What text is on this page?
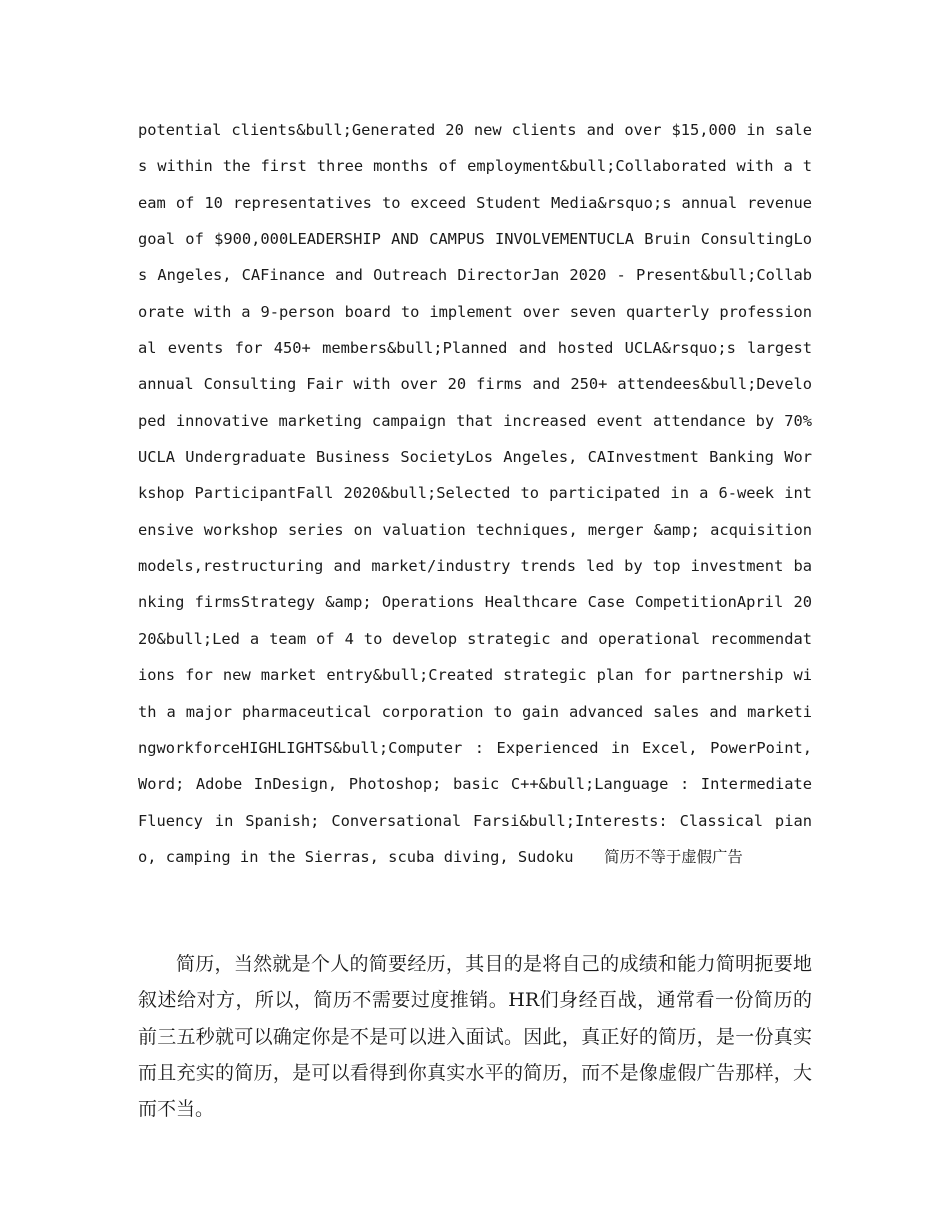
potential clients&bull;Generated 20 new clients and over $15,000 in sales within the first three months of employment&bull;Collaborated with a team of 10 representatives to exceed Student Media&rsquo;s annual revenue goal of $900,000LEADERSHIP AND CAMPUS INVOLVEMENTUCLA Bruin ConsultingLos Angeles, CAFinance and Outreach DirectorJan 2020 - Present&bull;Collaborate with a 9-person board to implement over seven quarterly professional events for 450+ members&bull;Planned and hosted UCLA&rsquo;s largest annual Consulting Fair with over 20 firms and 250+ attendees&bull;Developed innovative marketing campaign that increased event attendance by 70%UCLA Undergraduate Business SocietyLos Angeles, CAInvestment Banking Workshop ParticipantFall 2020&bull;Selected to participated in a 6-week intensive workshop series on valuation techniques, merger &amp; acquisition models,restructuring and market/industry trends led by top investment banking firmsStrategy &amp; Operations Healthcare Case CompetitionApril 2020&bull;Led a team of 4 to develop strategic and operational recommendations for new market entry&bull;Created strategic plan for partnership with a major pharmaceutical corporation to gain advanced sales and marketingworkforceHIGHLIGHTS&bull;Computer : Experienced in Excel, PowerPoint, Word; Adobe InDesign, Photoshop; basic C++&bull;Language : Intermediate Fluency in Spanish; Conversational Farsi&bull;Interests: Classical piano, camping in the Sierras, scuba diving, Sudoku　　简历不等于虚假广告
简历，当然就是个人的简要经历，其目的是将自己的成绩和能力简明扼要地叙述给对方，所以，简历不需要过度推销。HR们身经百战，通常看一份简历的前三五秒就可以确定你是不是可以进入面试。因此，真正好的简历，是一份真实而且充实的简历，是可以看得到你真实水平的简历，而不是像虚假广告那样，大而不当。
